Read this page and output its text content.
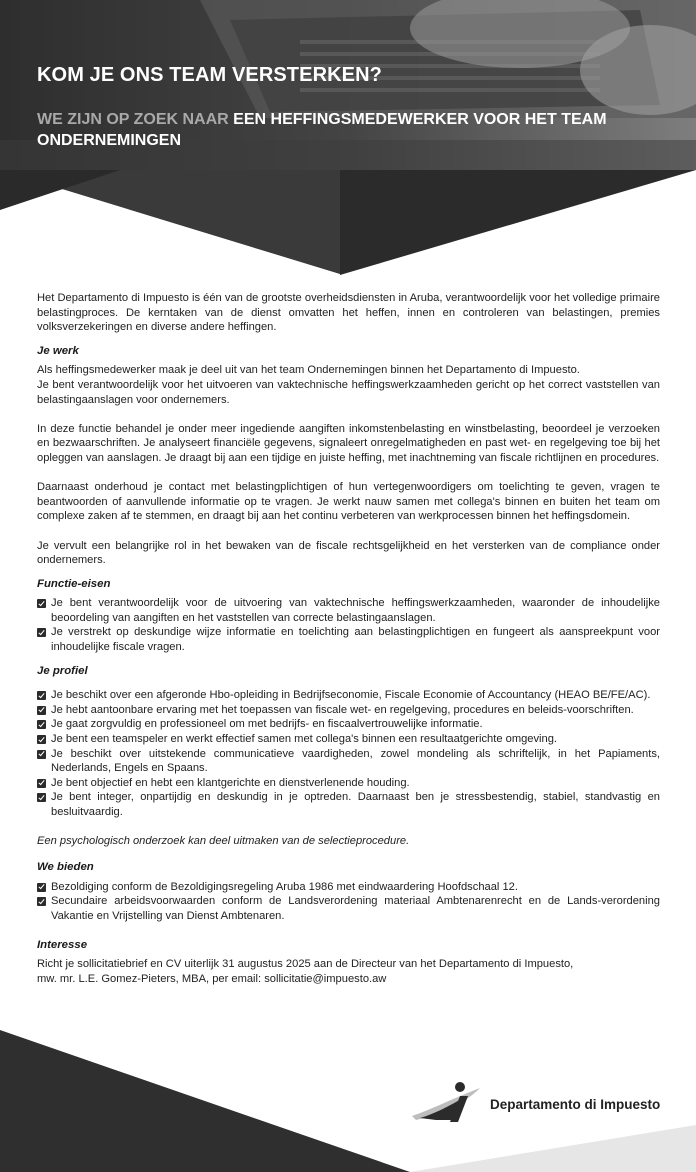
KOM JE ONS TEAM VERSTERKEN?
WE ZIJN OP ZOEK NAAR EEN HEFFINGSMEDEWERKER VOOR HET TEAM ONDERNEMINGEN

Het Departamento di Impuesto is één van de grootste overheidsdiensten in Aruba, verantwoordelijk voor het volledige primaire belastingproces. De kerntaken van de dienst omvatten het heffen, innen en controleren van belastingen, premies volksverzekeringen en diverse andere heffingen.

Je werk

Als heffingsmedewerker maak je deel uit van het team Ondernemingen binnen het Departamento di Impuesto.

Je bent verantwoordelijk voor het uitvoeren van vaktechnische heffingswerkzaamheden gericht op het correct vaststellen van belastingaanslagen voor ondernemers.

In deze functie behandel je onder meer ingediende aangiften inkomstenbelasting en winstbelasting, beoordeel je verzoeken en bezwaarschriften. Je analyseert financiële gegevens, signaleert onregelmatigheden en past wet- en regelgeving toe bij het opleggen van aanslagen. Je draagt bij aan een tijdige en juiste heffing, met inachtneming van fiscale richtlijnen en procedures.

Daarnaast onderhoud je contact met belastingplichtigen of hun vertegenwoordigers om toelichting te geven, vragen te beantwoorden of aanvullende informatie op te vragen. Je werkt nauw samen met collega's binnen en buiten het team om complexe zaken af te stemmen, en draagt bij aan het continu verbeteren van werkprocessen binnen het heffingsdomein.

Je vervult een belangrijke rol in het bewaken van de fiscale rechtsgelijkheid en het versterken van de compliance onder ondernemers.

Functie-eisen
Je bent verantwoordelijk voor de uitvoering van vaktechnische heffingswerkzaamheden, waaronder de inhoudelijke beoordeling van aangiften en het vaststellen van correcte belastingaanslagen.
Je verstrekt op deskundige wijze informatie en toelichting aan belastingplichtigen en fungeert als aanspreekpunt voor inhoudelijke fiscale vragen.
Je profiel
Je beschikt over een afgeronde Hbo-opleiding in Bedrijfseconomie, Fiscale Economie of Accountancy (HEAO BE/FE/AC).
Je hebt aantoonbare ervaring met het toepassen van fiscale wet- en regelgeving, procedures en beleids-voorschriften.
Je gaat zorgvuldig en professioneel om met bedrijfs- en fiscaalvertrouwelijke informatie.
Je bent een teamspeler en werkt effectief samen met collega's binnen een resultaatgerichte omgeving.
Je beschikt over uitstekende communicatieve vaardigheden, zowel mondeling als schriftelijk, in het Papiaments, Nederlands, Engels en Spaans.
Je bent objectief en hebt een klantgerichte en dienstverlenende houding.
Je bent integer, onpartijdig en deskundig in je optreden. Daarnaast ben je stressbestendig, stabiel, standvastig en besluitvaardig.

Een psychologisch onderzoek kan deel uitmaken van de selectieprocedure.

We bieden
Bezoldiging conform de Bezoldigingsregeling Aruba 1986 met eindwaardering Hoofdschaal 12.
Secundaire arbeidsvoorwaarden conform de Landsverordening materiaal Ambtenarenrecht en de Lands-verordening Vakantie en Vrijstelling van Dienst Ambtenaren.
Interesse

Richt je sollicitatiebrief en CV uiterlijk 31 augustus 2025 aan de Directeur van het Departamento di Impuesto,

mw. mr. L.E. Gomez-Pieters, MBA, per email: sollicitatie@impuesto.aw

Departamento di Impuesto
